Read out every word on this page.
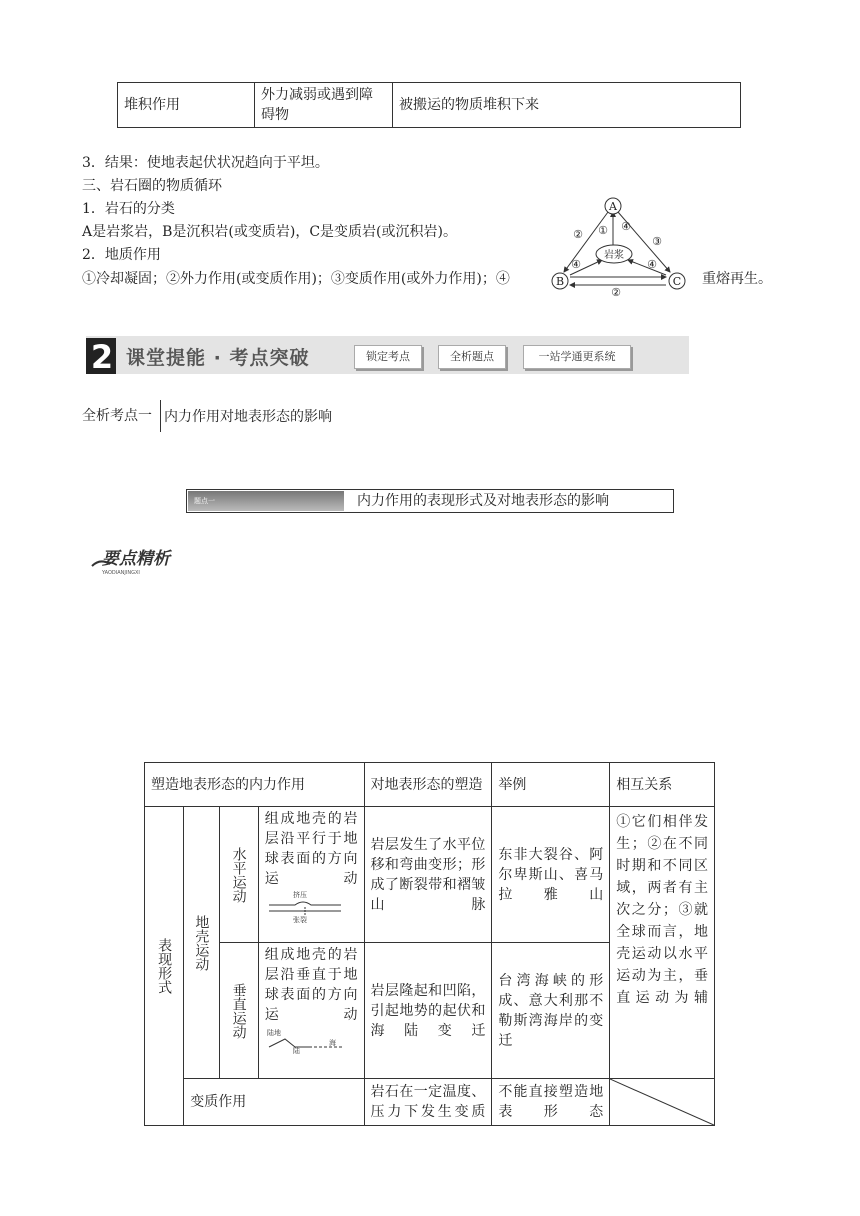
堆积作用	外力减弱或遇到障碍物	被搬运的物质堆积下来
3．结果：使地表起伏状况趋向于平坦。
三、岩石圈的物质循环
1．岩石的分类
A是岩浆岩，B是沉积岩(或变质岩)，C是变质岩(或沉积岩)。
2．地质作用
①冷却凝固；②外力作用(或变质作用)；③变质作用(或外力作用)；④	重熔再生。
A
B	C
岩浆
② ① ④
③
④	④
②
2 课堂提能 · 考点突破	锁定考点	全析题点	一站学通更系统
全析考点一 内力作用对地表形态的影响
题点一	内力作用的表现形式及对地表形态的影响
要点精析
YAODIANJINGXI
塑造地表形态的内力作用				对地表形态的塑造	举例	相互关系
表现形式	地壳运动	水平运动	组成地壳的岩层沿平行于地球表面的方向运动
挤压
张裂	岩层发生了水平位移和弯曲变形；形成了断裂带和褶皱山脉	东非大裂谷、阿尔卑斯山、喜马拉雅山	①它们相伴发生；②在不同时期和不同区域，两者有主次之分；③就全球而言，地壳运动以水平运动为主，垂直运动为辅
		垂直运动	组成地壳的岩层沿垂直于地球表面的方向运动
陆地
陆
海	岩层隆起和凹陷，引起地势的起伏和海陆变迁	台湾海峡的形成、意大利那不勒斯湾海岸的变迁	
	变质作用			岩石在一定温度、压力下发生变质	不能直接塑造地表形态	
